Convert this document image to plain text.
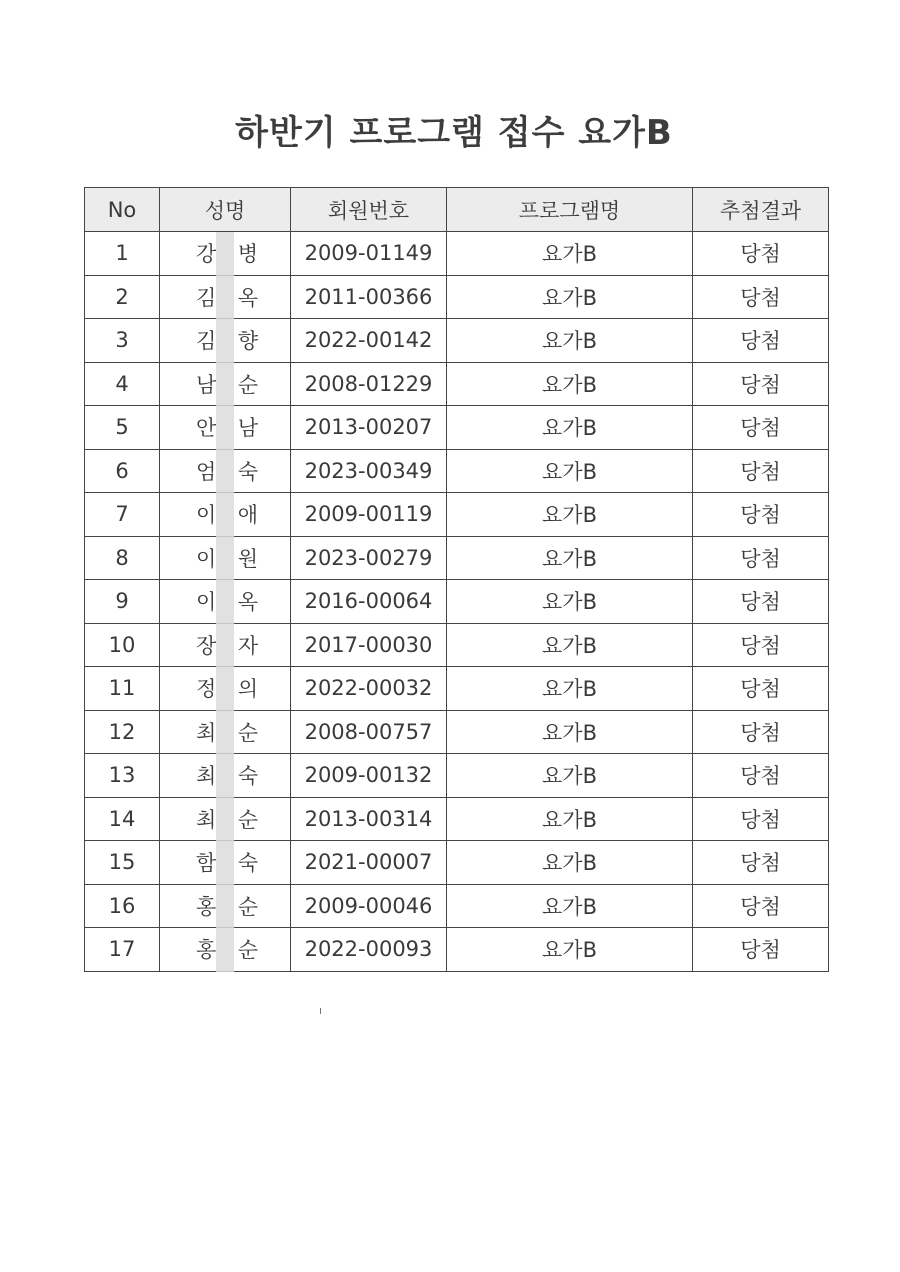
하반기 프로그램 접수 요가B
No	성명	회원번호	프로그램명	추첨결과
1	강 병	2009-01149	요가B	당첨
2	김 옥	2011-00366	요가B	당첨
3	김 향	2022-00142	요가B	당첨
4	남 순	2008-01229	요가B	당첨
5	안 남	2013-00207	요가B	당첨
6	엄 숙	2023-00349	요가B	당첨
7	이 애	2009-00119	요가B	당첨
8	이 원	2023-00279	요가B	당첨
9	이 옥	2016-00064	요가B	당첨
10	장 자	2017-00030	요가B	당첨
11	정 의	2022-00032	요가B	당첨
12	최 순	2008-00757	요가B	당첨
13	최 숙	2009-00132	요가B	당첨
14	최 순	2013-00314	요가B	당첨
15	함 숙	2021-00007	요가B	당첨
16	홍 순	2009-00046	요가B	당첨
17	홍 순	2022-00093	요가B	당첨
